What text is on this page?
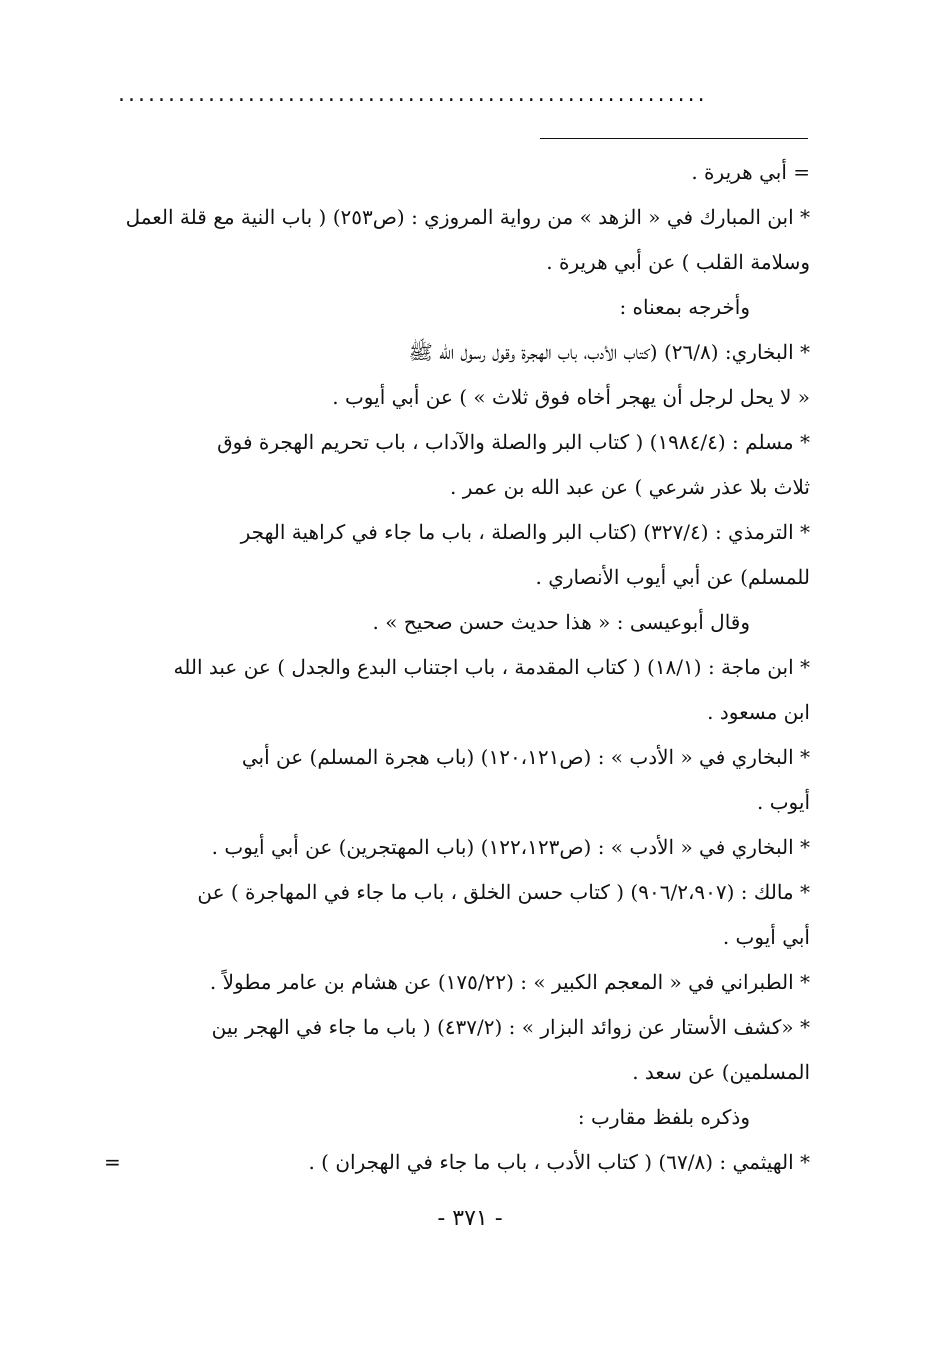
...........................................................

= أبي هريرة .

* ابن المبارك في « الزهد » من رواية المروزي : (ص٢٥٣) ( باب النية مع قلة العمل

وسلامة القلب ) عن أبي هريرة .

وأخرجه بمعناه :

* البخاري: (٢٦/٨) (كتاب الأدب، باب الهجرة وقول رسول الله ﷺ

« لا يحل لرجل أن يهجر أخاه فوق ثلاث » ) عن أبي أيوب .

* مسلم : (١٩٨٤/٤) ( كتاب البر والصلة والآداب ، باب تحريم الهجرة فوق

ثلاث بلا عذر شرعي ) عن عبد الله بن عمر .

* الترمذي : (٣٢٧/٤) (كتاب البر والصلة ، باب ما جاء في كراهية الهجر

للمسلم) عن أبي أيوب الأنصاري .

وقال أبوعيسى : « هذا حديث حسن صحيح » .

* ابن ماجة : (١٨/١) ( كتاب المقدمة ، باب اجتناب البدع والجدل ) عن عبد الله

ابن مسعود .

* البخاري في « الأدب » : (ص١٢٠،١٢١) (باب هجرة المسلم) عن أبي

أيوب .

* البخاري في « الأدب » : (ص١٢٢،١٢٣) (باب المهتجرين) عن أبي أيوب .

* مالك : (٩٠٦/٢،٩٠٧) ( كتاب حسن الخلق ، باب ما جاء في المهاجرة ) عن

أبي أيوب .

* الطبراني في « المعجم الكبير » : (١٧٥/٢٢) عن هشام بن عامر مطولاً .

* «كشف الأستار عن زوائد البزار » : (٤٣٧/٢) ( باب ما جاء في الهجر بين

المسلمين) عن سعد .

وذكره بلفظ مقارب :

* الهيثمي : (٦٧/٨) ( كتاب الأدب ، باب ما جاء في الهجران ) .
=
- ٣٧١ -
